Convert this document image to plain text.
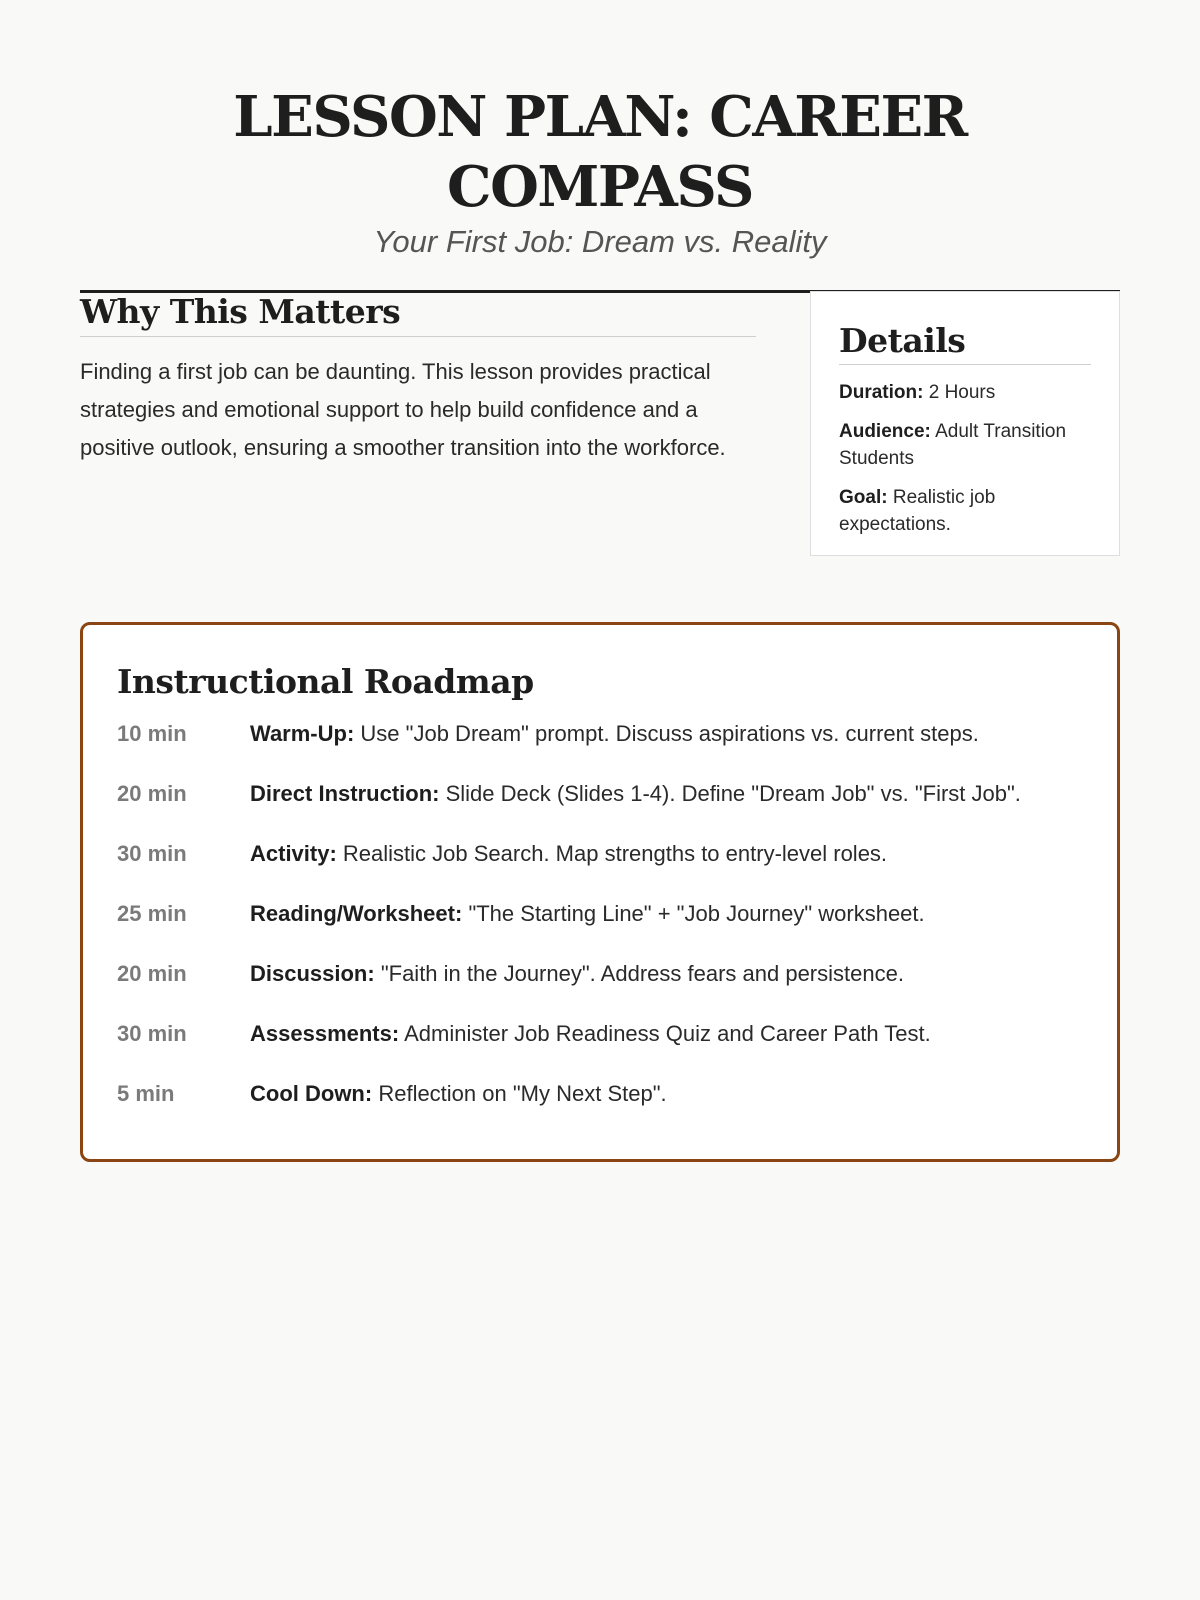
LESSON PLAN: CAREER COMPASS

Your First Job: Dream vs. Reality

Why This Matters

Finding a first job can be daunting. This lesson provides practical strategies and emotional support to help build confidence and a positive outlook, ensuring a smoother transition into the workforce.

Details
Duration: 2 Hours
Audience: Adult Transition Students
Goal: Realistic job expectations.
Instructional Roadmap
10 min	Warm-Up: Use "Job Dream" prompt. Discuss aspirations vs. current steps.
20 min	Direct Instruction: Slide Deck (Slides 1-4). Define "Dream Job" vs. "First Job".
30 min	Activity: Realistic Job Search. Map strengths to entry-level roles.
25 min	Reading/Worksheet: "The Starting Line" + "Job Journey" worksheet.
20 min	Discussion: "Faith in the Journey". Address fears and persistence.
30 min	Assessments: Administer Job Readiness Quiz and Career Path Test.
5 min	Cool Down: Reflection on "My Next Step".
